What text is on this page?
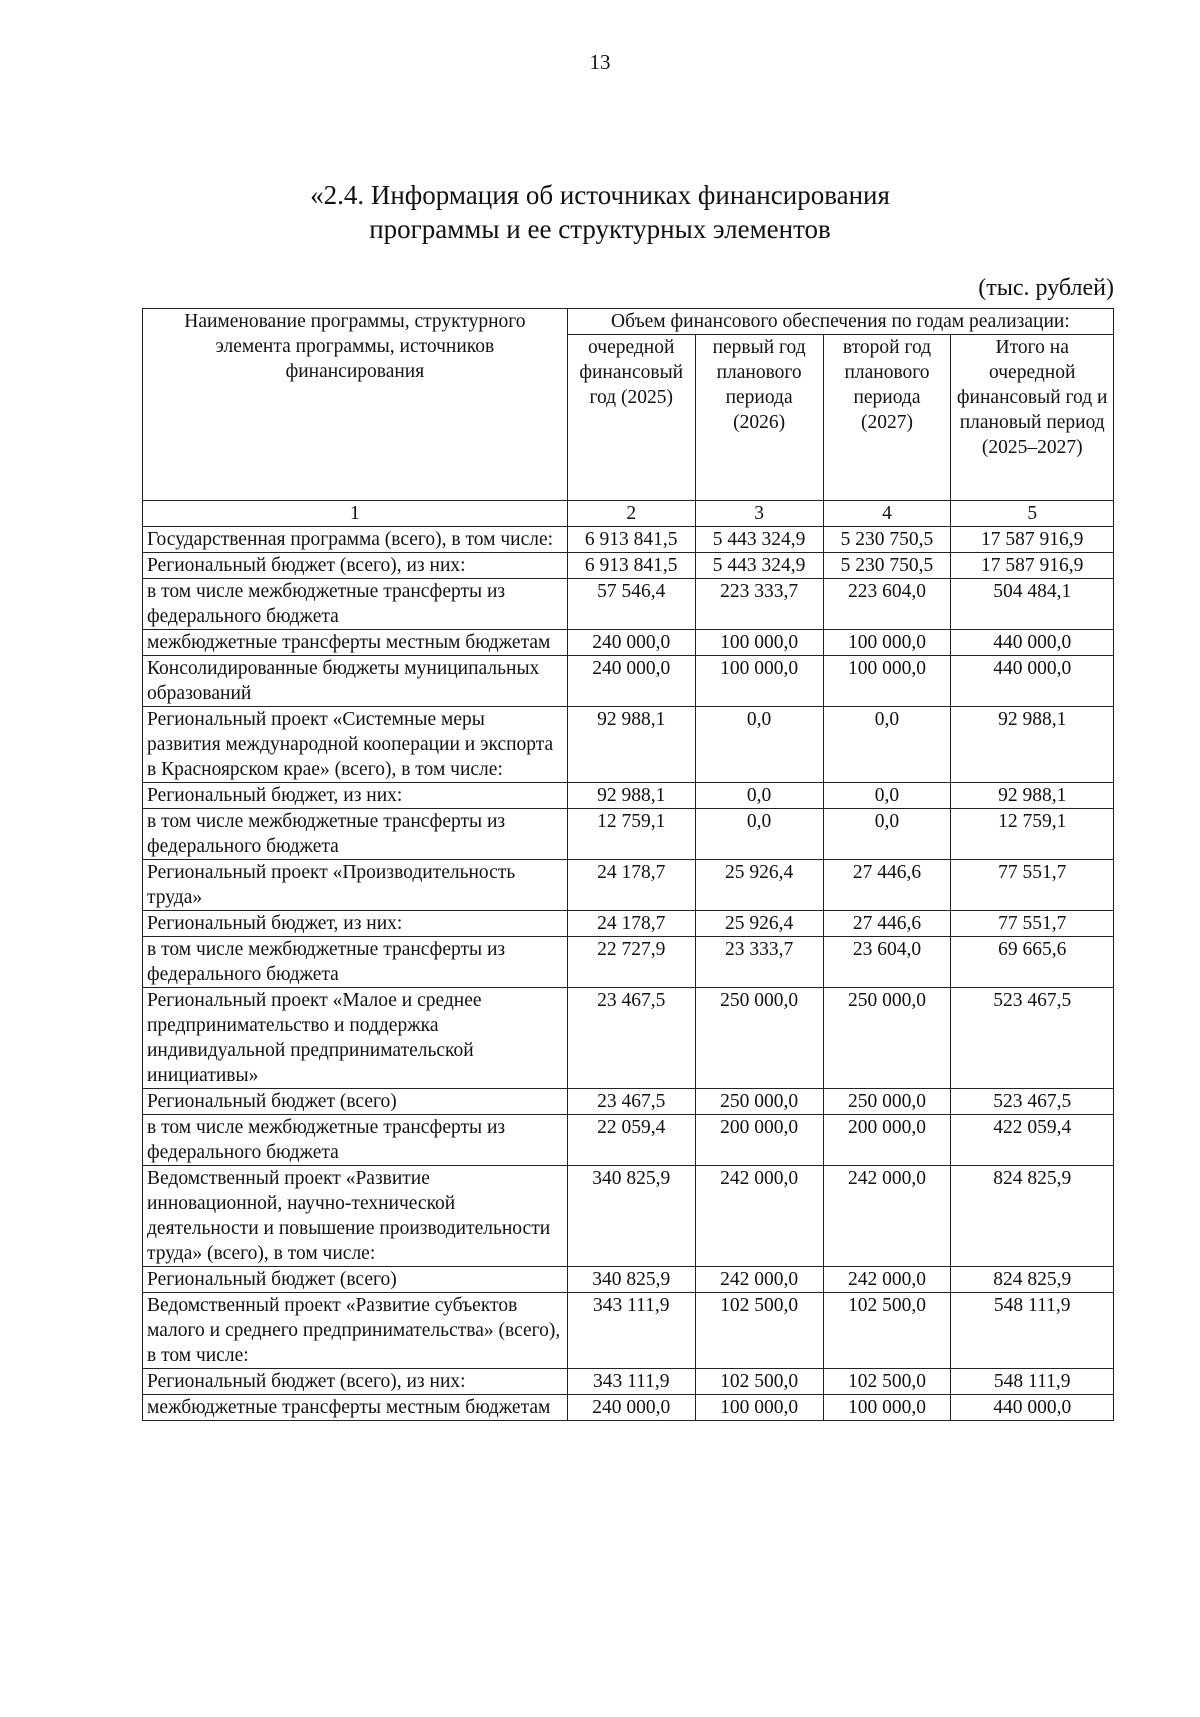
13
«2.4. Информация об источниках финансирования
программы и ее структурных элементов
(тыс. рублей)
Наименование программы, структурного элемента программы, источников финансирования	Объем финансового обеспечения по годам реализации:			
	очередной финансовый год (2025)	первый год планового периода (2026)	второй год планового периода (2027)	Итого на очередной финансовый год и плановый период (2025–2027)
1	2	3	4	5
Государственная программа (всего), в том числе:	6 913 841,5	5 443 324,9	5 230 750,5	17 587 916,9
Региональный бюджет (всего), из них:	6 913 841,5	5 443 324,9	5 230 750,5	17 587 916,9
в том числе межбюджетные трансферты из федерального бюджета	57 546,4	223 333,7	223 604,0	504 484,1
межбюджетные трансферты местным бюджетам	240 000,0	100 000,0	100 000,0	440 000,0
Консолидированные бюджеты муниципальных образований	240 000,0	100 000,0	100 000,0	440 000,0
Региональный проект «Системные меры развития международной кооперации и экспорта в Красноярском крае» (всего), в том числе:	92 988,1	0,0	0,0	92 988,1
Региональный бюджет, из них:	92 988,1	0,0	0,0	92 988,1
в том числе межбюджетные трансферты из федерального бюджета	12 759,1	0,0	0,0	12 759,1
Региональный проект «Производительность труда»	24 178,7	25 926,4	27 446,6	77 551,7
Региональный бюджет, из них:	24 178,7	25 926,4	27 446,6	77 551,7
в том числе межбюджетные трансферты из федерального бюджета	22 727,9	23 333,7	23 604,0	69 665,6
Региональный проект «Малое и среднее предпринимательство и поддержка индивидуальной предпринимательской инициативы»	23 467,5	250 000,0	250 000,0	523 467,5
Региональный бюджет (всего)	23 467,5	250 000,0	250 000,0	523 467,5
в том числе межбюджетные трансферты из федерального бюджета	22 059,4	200 000,0	200 000,0	422 059,4
Ведомственный проект «Развитие инновационной, научно-технической деятельности и повышение производительности труда» (всего), в том числе:	340 825,9	242 000,0	242 000,0	824 825,9
Региональный бюджет (всего)	340 825,9	242 000,0	242 000,0	824 825,9
Ведомственный проект «Развитие субъектов малого и среднего предпринимательства» (всего), в том числе:	343 111,9	102 500,0	102 500,0	548 111,9
Региональный бюджет (всего), из них:	343 111,9	102 500,0	102 500,0	548 111,9
межбюджетные трансферты местным бюджетам	240 000,0	100 000,0	100 000,0	440 000,0
